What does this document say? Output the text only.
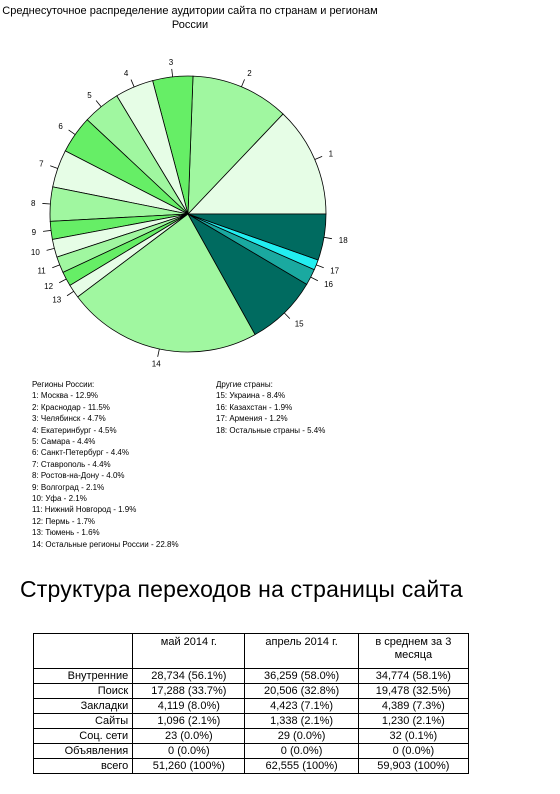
Среднесуточное распределение аудитории сайта по странам и регионам России
1
2
3
4
5
6
7
8
9
10
11
12
13
14
15
16
17
18
Регионы России:
1: Москва - 12.9%
2: Краснодар - 11.5%
3: Челябинск - 4.7%
4: Екатеринбург - 4.5%
5: Самара - 4.4%
6: Санкт-Петербург - 4.4%
7: Ставрополь - 4.4%
8: Ростов-на-Дону - 4.0%
9: Волгоград - 2.1%
10: Уфа - 2.1%
11: Нижний Новгород - 1.9%
12: Пермь - 1.7%
13: Тюмень - 1.6%
14: Остальные регионы России - 22.8%
Другие страны:
15: Украина - 8.4%
16: Казахстан - 1.9%
17: Армения - 1.2%
18: Остальные страны - 5.4%
Структура переходов на страницы сайта
	май 2014 г.	апрель 2014 г.	в среднем за 3 месяца
Внутренние	28,734 (56.1%)	36,259 (58.0%)	34,774 (58.1%)
Поиск	17,288 (33.7%)	20,506 (32.8%)	19,478 (32.5%)
Закладки	4,119 (8.0%)	4,423 (7.1%)	4,389 (7.3%)
Сайты	1,096 (2.1%)	1,338 (2.1%)	1,230 (2.1%)
Соц. сети	23 (0.0%)	29 (0.0%)	32 (0.1%)
Объявления	0 (0.0%)	0 (0.0%)	0 (0.0%)
всего	51,260 (100%)	62,555 (100%)	59,903 (100%)
